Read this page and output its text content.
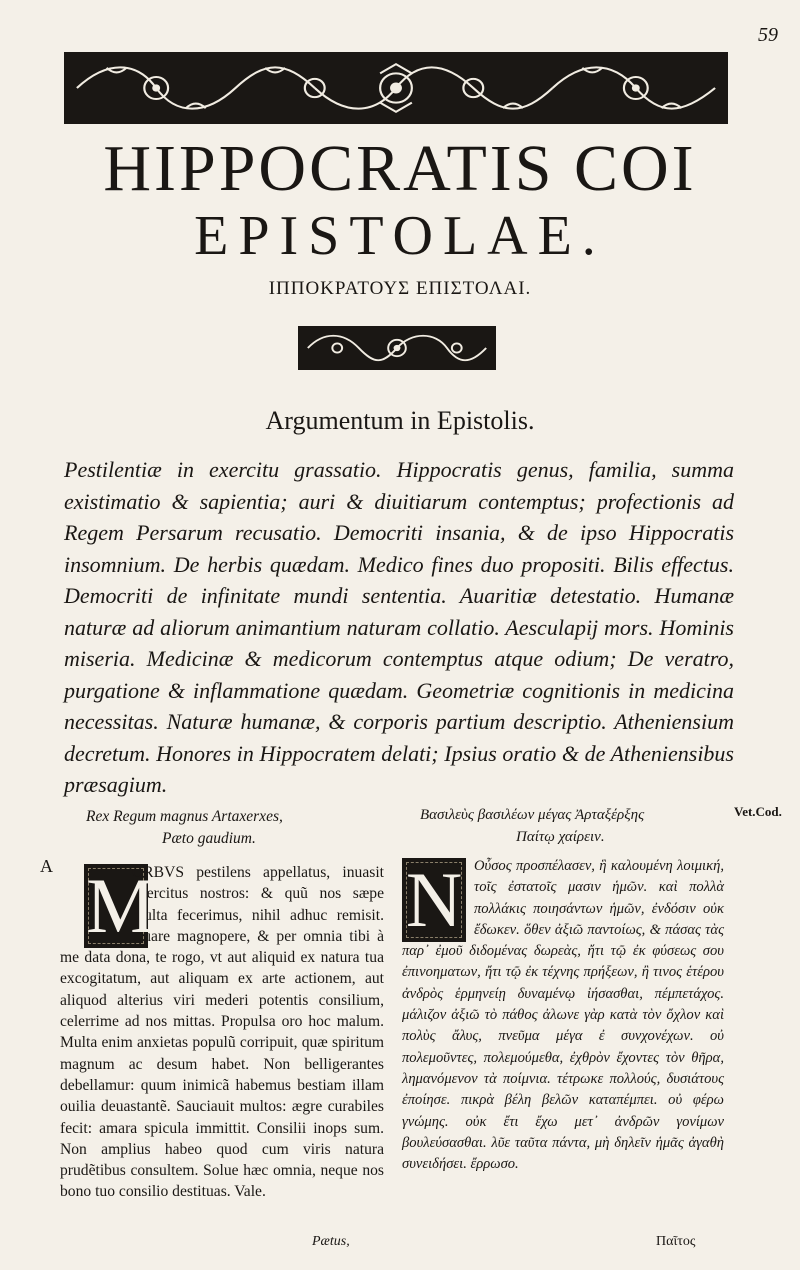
59
HIPPOCRATIS COI
EPISTOLAE.
ΙΠΠΟΚΡΑΤΟΥΣ ΕΠΙΣΤΟΛΑΙ.
Argumentum in Epistolis.
Pestilentiæ in exercitu grassatio. Hippocratis genus, familia, summa existimatio & sapientia; auri & diuitiarum contemptus; profectionis ad Regem Persarum recusatio. Democriti insania, & de ipso Hippocratis insomnium. De herbis quædam. Medico fines duo propositi. Bilis effectus. Democriti de infinitate mundi sententia. Auaritiæ detestatio. Humanæ naturæ ad aliorum animantium naturam collatio. Aesculapij mors. Hominis miseria. Medicinæ & medicorum contemptus atque odium; De veratro, purgatione & inflammatione quædam. Geometriæ cognitionis in medicina necessitas. Naturæ humanæ, & corporis partium descriptio. Atheniensium decretum. Honores in Hippocratem delati; Ipsius oratio & de Atheniensibus præsagium.
Rex Regum magnus Artaxerxes,
Pæto gaudium.
Βασιλεὺς βασιλέων μέγας Ἀρταξέρξης
Παίτῳ χαίρειν.
Vet.Cod.
A M	N
ORBVS pestilens appellatus, inuasit exercitus nostros: & quũ nos sæpe multa fecerimus, nihil adhuc remisit. Quare magnopere, & per omnia tibi à me data dona, te rogo, vt aut aliquid ex natura tua excogitatum, aut aliquam ex arte actionem, aut aliquod alterius viri mederi potentis consilium, celerrime ad nos mittas. Propulsa oro hoc malum. Multa enim anxietas populũ corripuit, quæ spiritum magnum ac desum habet. Non belligerantes debellamur: quum inimicã habemus bestiam illam ouilia deuastantẽ. Sauciauit multos: ægre curabiles fecit: amara spicula immittit. Consilii inops sum. Non amplius habeo quod cum viris natura prudẽtibus consultem. Solue hæc omnia, neque nos bono tuo consilio destituas. Vale.
Οὖσος προσπέλασεν, ἣ καλουμένη λοιμική, τοῖς ἐστατοῖς μασιν ἡμῶν. καὶ πολλὰ πολλάκις ποιησάντων ἡμῶν, ἐνδόσιν οὐκ ἔδωκεν. ὅθεν ἀξιῶ παντοίως, & πάσας τὰς παρ᾽ ἐμοῦ διδομένας δωρεὰς, ἤτι τῷ ἐκ φύσεως σου ἐπινοηματων, ἤτι τῷ ἐκ τέχνης πρήξεων, ἢ τινος ἑτέρου ἀνδρὸς ἑρμηνείῃ δυναμένῳ ἰήσασθαι, πέμπετάχος. μάλιζον ἀξιῶ τὸ πάθος ἀλωνε γὰρ κατὰ τὸν ὄχλον καὶ πολὺς ἄλυς, πνεῦμα μέγα ἐ συνχονέχων. οὐ πολεμοῦντες, πολεμούμεθα, ἐχθρὸν ἔχοντες τὸν θῆρα, λημανόμενον τὰ ποίμνια. τέτρωκε πολλούς, δυσιάτους ἐποίησε. πικρὰ βέλη βελῶν καταπέμπει. οὐ φέρω γνώμης. οὐκ ἔτι ἔχω μετ᾽ ἀνδρῶν γονίμων βουλεύσασθαι. λῦε ταῦτα πάντα, μὴ δηλεῖν ἡμᾶς ἀγαθὴ συνειδήσει. ἔρρωσο.
Pætus,	Παῖτος
